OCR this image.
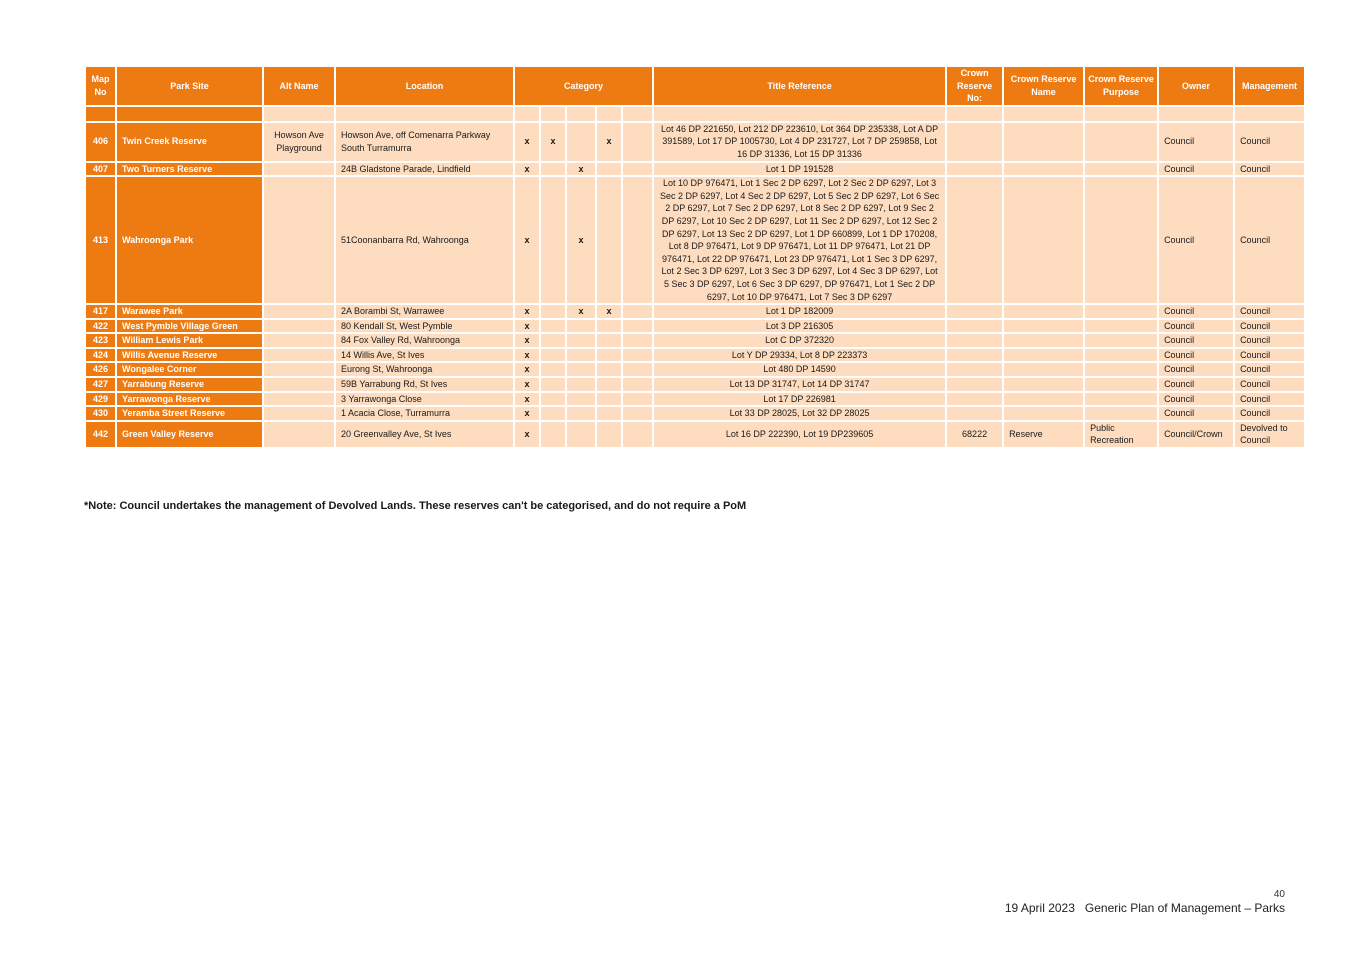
Map No	Park Site	Alt Name	Location	Category					Title Reference	Crown Reserve No:	Crown Reserve Name	Crown Reserve Purpose	Owner	Management

406	Twin Creek Reserve	Howson Ave Playground	Howson Ave, off Comenarra Parkway South Turramurra	x	x		x		Lot 46 DP 221650, Lot 212 DP 223610, Lot 364 DP 235338, Lot A DP 391589, Lot 17 DP 1005730, Lot 4 DP 231727, Lot 7 DP 259858, Lot 16 DP 31336, Lot 15 DP 31336				Council	Council
407	Two Turners Reserve		24B Gladstone Parade, Lindfield	x		x			Lot 1 DP 191528				Council	Council
413	Wahroonga Park		51Coonanbarra Rd, Wahroonga	x		x			Lot 10 DP 976471, Lot 1 Sec 2 DP 6297, Lot 2 Sec 2 DP 6297, Lot 3 Sec 2 DP 6297, Lot 4 Sec 2 DP 6297, Lot 5 Sec 2 DP 6297, Lot 6 Sec 2 DP 6297, Lot 7 Sec 2 DP 6297, Lot 8 Sec 2 DP 6297, Lot 9 Sec 2 DP 6297, Lot 10 Sec 2 DP 6297, Lot 11 Sec 2 DP 6297, Lot 12 Sec 2 DP 6297, Lot 13 Sec 2 DP 6297, Lot 1 DP 660899, Lot 1 DP 170208, Lot 8 DP 976471, Lot 9 DP 976471, Lot 11 DP 976471, Lot 21 DP 976471, Lot 22 DP 976471, Lot 23 DP 976471, Lot 1 Sec 3 DP 6297, Lot 2 Sec 3 DP 6297, Lot 3 Sec 3 DP 6297, Lot 4 Sec 3 DP 6297, Lot 5 Sec 3 DP 6297, Lot 6 Sec 3 DP 6297, DP 976471, Lot 1 Sec 2 DP 6297, Lot 10 DP 976471, Lot 7 Sec 3 DP 6297				Council	Council
417	Warawee Park		2A Borambi St, Warrawee	x		x	x		Lot 1 DP 182009				Council	Council
422	West Pymble Village Green		80 Kendall St, West Pymble	x					Lot 3 DP 216305				Council	Council
423	William Lewis Park		84 Fox Valley Rd, Wahroonga	x					Lot C DP 372320				Council	Council
424	Willis Avenue Reserve		14 Willis Ave, St Ives	x					Lot Y DP 29334, Lot 8 DP 223373				Council	Council
426	Wongalee Corner		Eurong St, Wahroonga	x					Lot 480 DP 14590				Council	Council
427	Yarrabung Reserve		59B Yarrabung Rd, St Ives	x					Lot 13 DP 31747, Lot 14 DP 31747				Council	Council
429	Yarrawonga Reserve		3 Yarrawonga Close	x					Lot 17 DP 226981				Council	Council
430	Yeramba Street Reserve		1 Acacia Close, Turramurra	x					Lot 33 DP 28025, Lot 32 DP 28025				Council	Council
442	Green Valley Reserve		20 Greenvalley Ave, St Ives	x					Lot 16 DP 222390, Lot 19 DP239605	68222	Reserve	Public Recreation	Council/Crown	Devolved to Council
*Note: Council undertakes the management of Devolved Lands. These reserves can't be categorised, and do not require a PoM
40
19 April 2023 Generic Plan of Management – Parks
